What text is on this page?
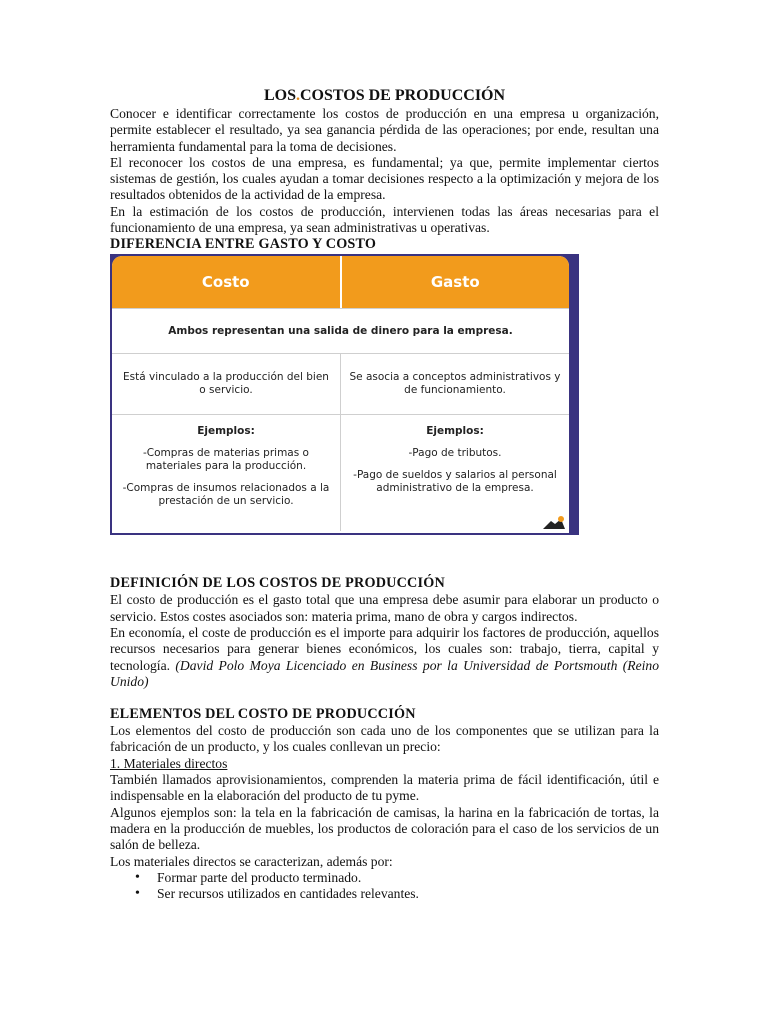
LOS.COSTOS DE PRODUCCIÓN

Conocer e identificar correctamente los costos de producción en una empresa u organización, permite establecer el resultado, ya sea ganancia pérdida de las operaciones; por ende, resultan una herramienta fundamental para la toma de decisiones.

El reconocer los costos de una empresa, es fundamental; ya que, permite implementar ciertos sistemas de gestión, los cuales ayudan a tomar decisiones respecto a la optimización y mejora de los resultados obtenidos de la actividad de la empresa.

En la estimación de los costos de producción, intervienen todas las áreas necesarias para el funcionamiento de una empresa, ya sean administrativas u operativas.

DIFERENCIA ENTRE GASTO Y COSTO
Costo	Gasto
Ambos representan una salida de dinero para la empresa.
Está vinculado a la producción del bien o servicio.
Se asocia a conceptos administrativos y de funcionamiento.
Ejemplos:
-Compras de materias primas o materiales para la producción.
-Compras de insumos relacionados a la prestación de un servicio.
Ejemplos:
-Pago de tributos.
-Pago de sueldos y salarios al personal administrativo de la empresa.
DEFINICIÓN DE LOS COSTOS DE PRODUCCIÓN

El costo de producción es el gasto total que una empresa debe asumir para elaborar un producto o servicio. Estos costes asociados son: materia prima, mano de obra y cargos indirectos.

En economía, el coste de producción es el importe para adquirir los factores de producción, aquellos recursos necesarios para generar bienes económicos, los cuales son: trabajo, tierra, capital y tecnología. (David Polo Moya Licenciado en Business por la Universidad de Portsmouth (Reino Unido)

ELEMENTOS DEL COSTO DE PRODUCCIÓN

Los elementos del costo de producción son cada uno de los componentes que se utilizan para la fabricación de un producto, y los cuales conllevan un precio:

1. Materiales directos

También llamados aprovisionamientos, comprenden la materia prima de fácil identificación, útil e indispensable en la elaboración del producto de tu pyme.

Algunos ejemplos son: la tela en la fabricación de camisas, la harina en la fabricación de tortas, la madera en la producción de muebles, los productos de coloración para el caso de los servicios de un salón de belleza.

Los materiales directos se caracterizan, además por:

• Formar parte del producto terminado.
• Ser recursos utilizados en cantidades relevantes.
